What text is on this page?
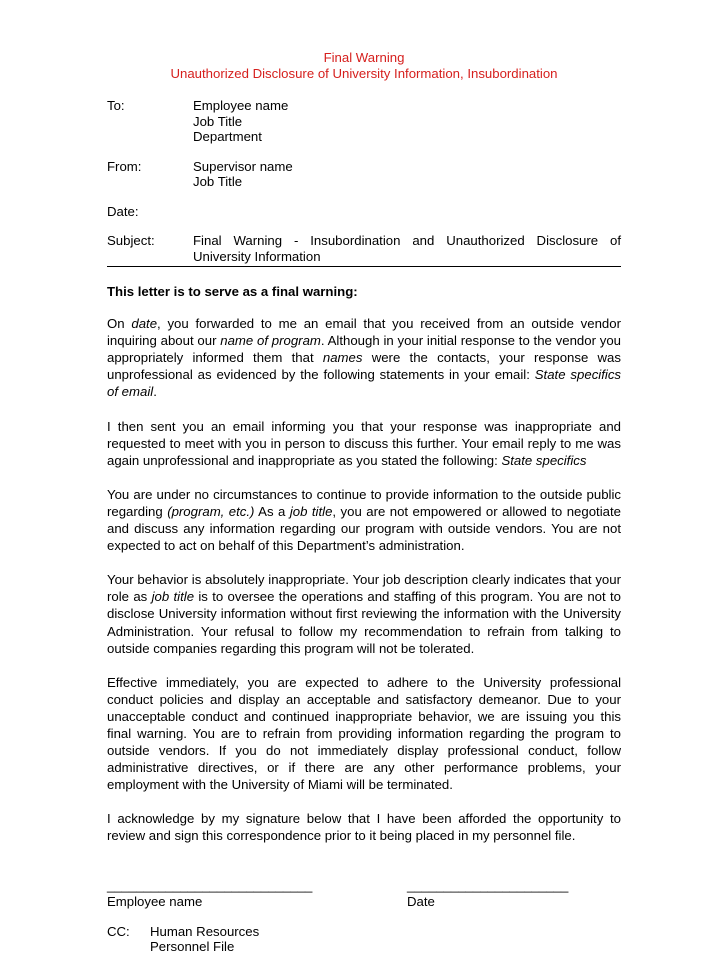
Final Warning
Unauthorized Disclosure of University Information, Insubordination
To:	Employee name
Job Title
Department
From:	Supervisor name
Job Title
Date:
Subject:	Final Warning - Insubordination and Unauthorized Disclosure of
University Information

This letter is to serve as a final warning:

On date, you forwarded to me an email that you received from an outside vendor inquiring about our name of program. Although in your initial response to the vendor you appropriately informed them that names were the contacts, your response was unprofessional as evidenced by the following statements in your email: State specifics of email.

I then sent you an email informing you that your response was inappropriate and requested to meet with you in person to discuss this further. Your email reply to me was again unprofessional and inappropriate as you stated the following: State specifics

You are under no circumstances to continue to provide information to the outside public regarding (program, etc.) As a job title, you are not empowered or allowed to negotiate and discuss any information regarding our program with outside vendors. You are not expected to act on behalf of this Department’s administration.

Your behavior is absolutely inappropriate. Your job description clearly indicates that your role as job title is to oversee the operations and staffing of this program. You are not to disclose University information without first reviewing the information with the University Administration. Your refusal to follow my recommendation to refrain from talking to outside companies regarding this program will not be tolerated.

Effective immediately, you are expected to adhere to the University professional conduct policies and display an acceptable and satisfactory demeanor. Due to your unacceptable conduct and continued inappropriate behavior, we are issuing you this final warning. You are to refrain from providing information regarding the program to outside vendors. If you do not immediately display professional conduct, follow administrative directives, or if there are any other performance problems, your employment with the University of Miami will be terminated.

I acknowledge by my signature below that I have been afforded the opportunity to review and sign this correspondence prior to it being placed in my personnel file.

____________________________
Employee name
______________________
Date
CC:	Human Resources
Personnel File
